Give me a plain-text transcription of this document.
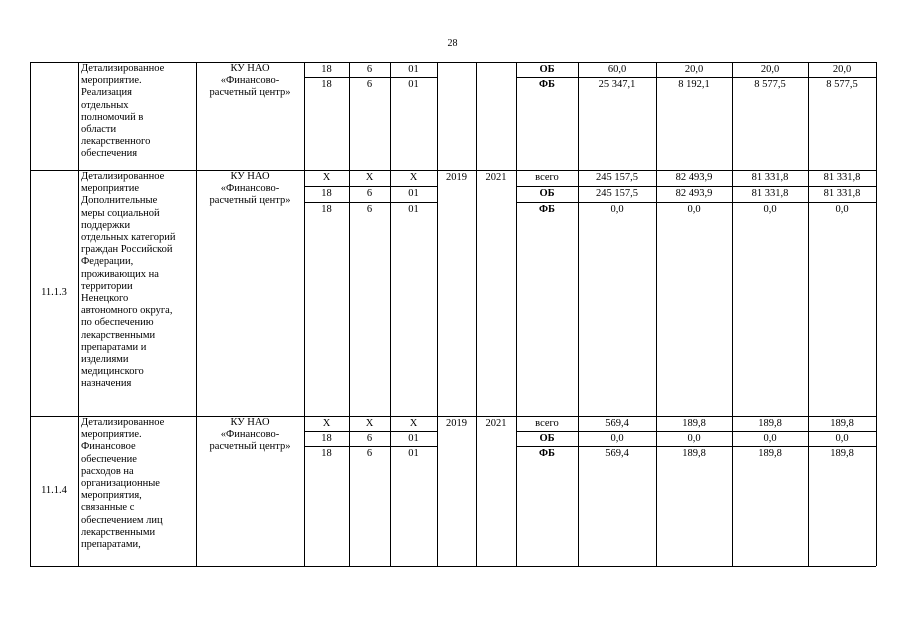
28
Детализированное
мероприятие.
Реализация
отдельных
полномочий в
области
лекарственного
обеспечения
КУ НАО
«Финансово-
расчетный центр»
18	6	01	ОБ	60,0	20,0	20,0	20,0
18	6	01	ФБ	25 347,1	8 192,1	8 577,5	8 577,5
11.1.3
Детализированное
мероприятие
Дополнительные
меры социальной
поддержки
отдельных категорий
граждан Российской
Федерации,
проживающих на
территории
Ненецкого
автономного округа,
по обеспечению
лекарственными
препаратами и
изделиями
медицинского
назначения
КУ НАО
«Финансово-
расчетный центр»
2019	2021
Х	Х	Х	всего	245 157,5	82 493,9	81 331,8	81 331,8
18	6	01	ОБ	245 157,5	82 493,9	81 331,8	81 331,8
18	6	01	ФБ	0,0	0,0	0,0	0,0
11.1.4
Детализированное
мероприятие.
Финансовое
обеспечение
расходов на
организационные
мероприятия,
связанные с
обеспечением лиц
лекарственными
препаратами,
КУ НАО
«Финансово-
расчетный центр»
2019	2021
Х	Х	Х	всего	569,4	189,8	189,8	189,8
18	6	01	ОБ	0,0	0,0	0,0	0,0
18	6	01	ФБ	569,4	189,8	189,8	189,8
